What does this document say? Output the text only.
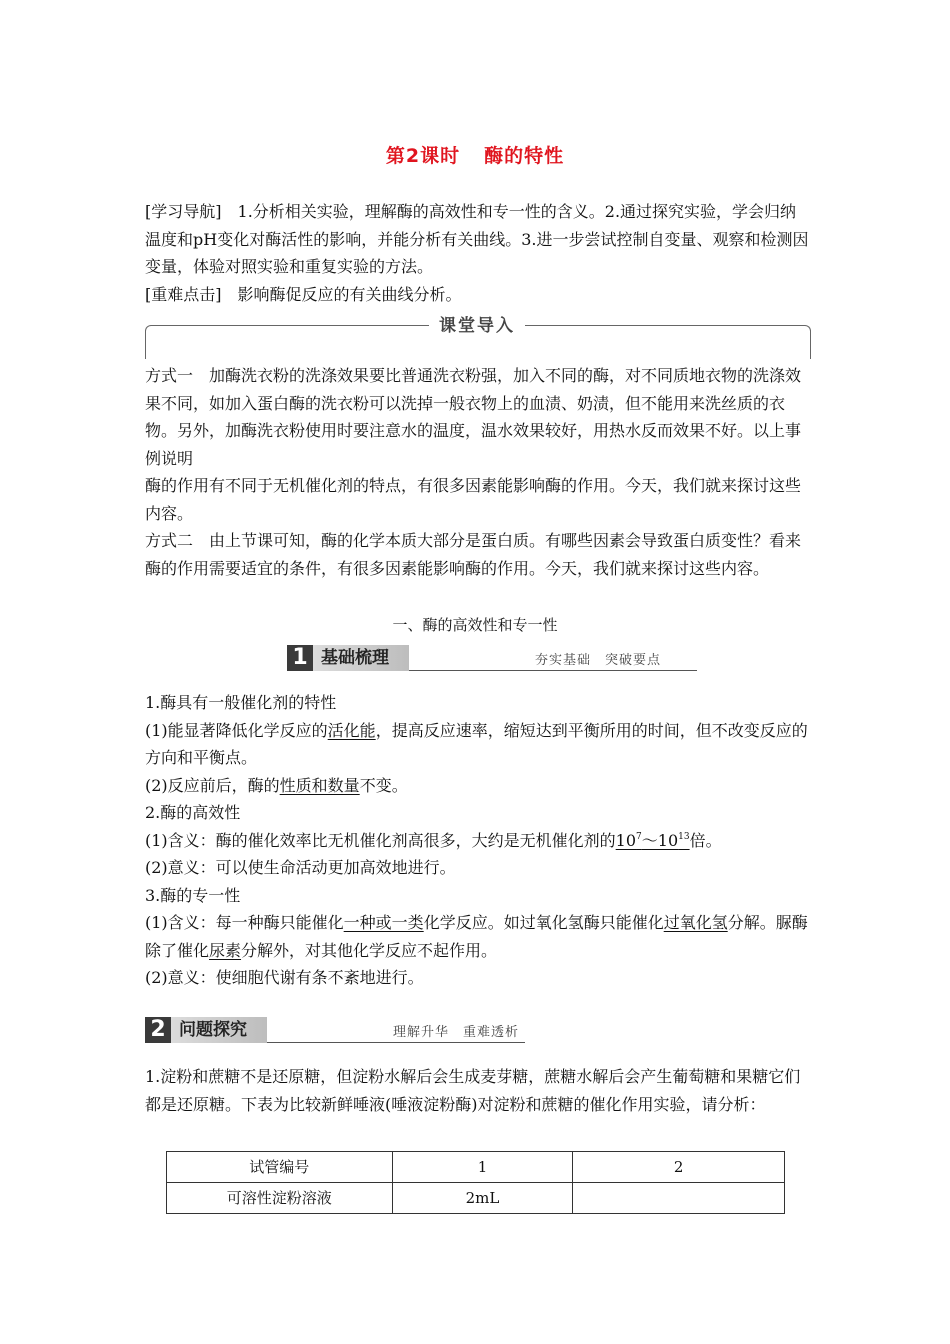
第2课时 酶的特性

[学习导航]　 1.分析相关实验，理解酶的高效性和专一性的含义。2.通过探究实验，学会归纳温度和pH变化对酶活性的影响，并能分析有关曲线。3.进一步尝试控制自变量、观察和检测因变量，体验对照实验和重复实验的方法。

[重难点击]　 影响酶促反应的有关曲线分析。

课堂导入

方式一　 加酶洗衣粉的洗涤效果要比普通洗衣粉强，加入不同的酶，对不同质地衣物的洗涤效果不同，如加入蛋白酶的洗衣粉可以洗掉一般衣物上的血渍、奶渍，但不能用来洗丝质的衣物。另外，加酶洗衣粉使用时要注意水的温度，温水效果较好，用热水反而效果不好。以上事例说明

酶的作用有不同于无机催化剂的特点，有很多因素能影响酶的作用。今天，我们就来探讨这些内容。

方式二　 由上节课可知，酶的化学本质大部分是蛋白质。有哪些因素会导致蛋白质变性？看来酶的作用需要适宜的条件，有很多因素能影响酶的作用。今天，我们就来探讨这些内容。

一、酶的高效性和专一性
1 基础梳理	夯实基础　突破要点

1.酶具有一般催化剂的特性

(1)能显著降低化学反应的活化能，提高反应速率，缩短达到平衡所用的时间，但不改变反应的方向和平衡点。

(2)反应前后，酶的性质和数量不变。

2.酶的高效性

(1)含义：酶的催化效率比无机催化剂高很多，大约是无机催化剂的$10^7\sim 10^{13}$倍。

(2)意义：可以使生命活动更加高效地进行。

3.酶的专一性

(1)含义：每一种酶只能催化一种或一类化学反应。如过氧化氢酶只能催化过氧化氢分解。脲酶除了催化尿素分解外，对其他化学反应不起作用。

(2)意义：使细胞代谢有条不紊地进行。

2 问题探究	理解升华　重难透析

1.淀粉和蔗糖不是还原糖，但淀粉水解后会生成麦芽糖，蔗糖水解后会产生葡萄糖和果糖它们都是还原糖。下表为比较新鲜唾液(唾液淀粉酶)对淀粉和蔗糖的催化作用实验，请分析：

试管编号	1	2
可溶性淀粉溶液	2mL	
